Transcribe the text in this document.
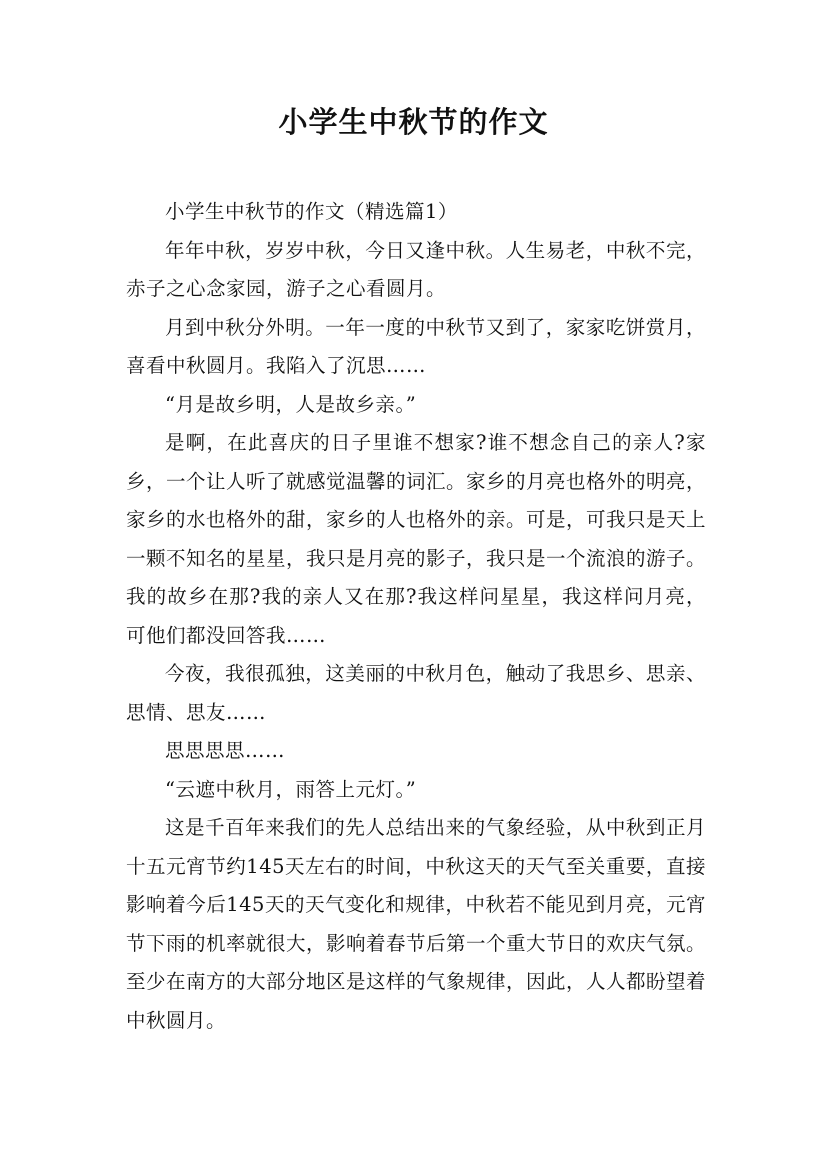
小学生中秋节的作文

小学生中秋节的作文（精选篇1）

年年中秋，岁岁中秋，今日又逢中秋。人生易老，中秋不完，赤子之心念家园，游子之心看圆月。

月到中秋分外明。一年一度的中秋节又到了，家家吃饼赏月，喜看中秋圆月。我陷入了沉思……

“月是故乡明，人是故乡亲。”

是啊，在此喜庆的日子里谁不想家?谁不想念自己的亲人?家乡，一个让人听了就感觉温馨的词汇。家乡的月亮也格外的明亮，家乡的水也格外的甜，家乡的人也格外的亲。可是，可我只是天上一颗不知名的星星，我只是月亮的影子，我只是一个流浪的游子。我的故乡在那?我的亲人又在那?我这样问星星，我这样问月亮，可他们都没回答我……

今夜，我很孤独，这美丽的中秋月色，触动了我思乡、思亲、思情、思友……

思思思思……

“云遮中秋月，雨答上元灯。”

这是千百年来我们的先人总结出来的气象经验，从中秋到正月十五元宵节约145天左右的时间，中秋这天的天气至关重要，直接影响着今后145天的天气变化和规律，中秋若不能见到月亮，元宵节下雨的机率就很大，影响着春节后第一个重大节日的欢庆气氛。至少在南方的大部分地区是这样的气象规律，因此，人人都盼望着中秋圆月。
